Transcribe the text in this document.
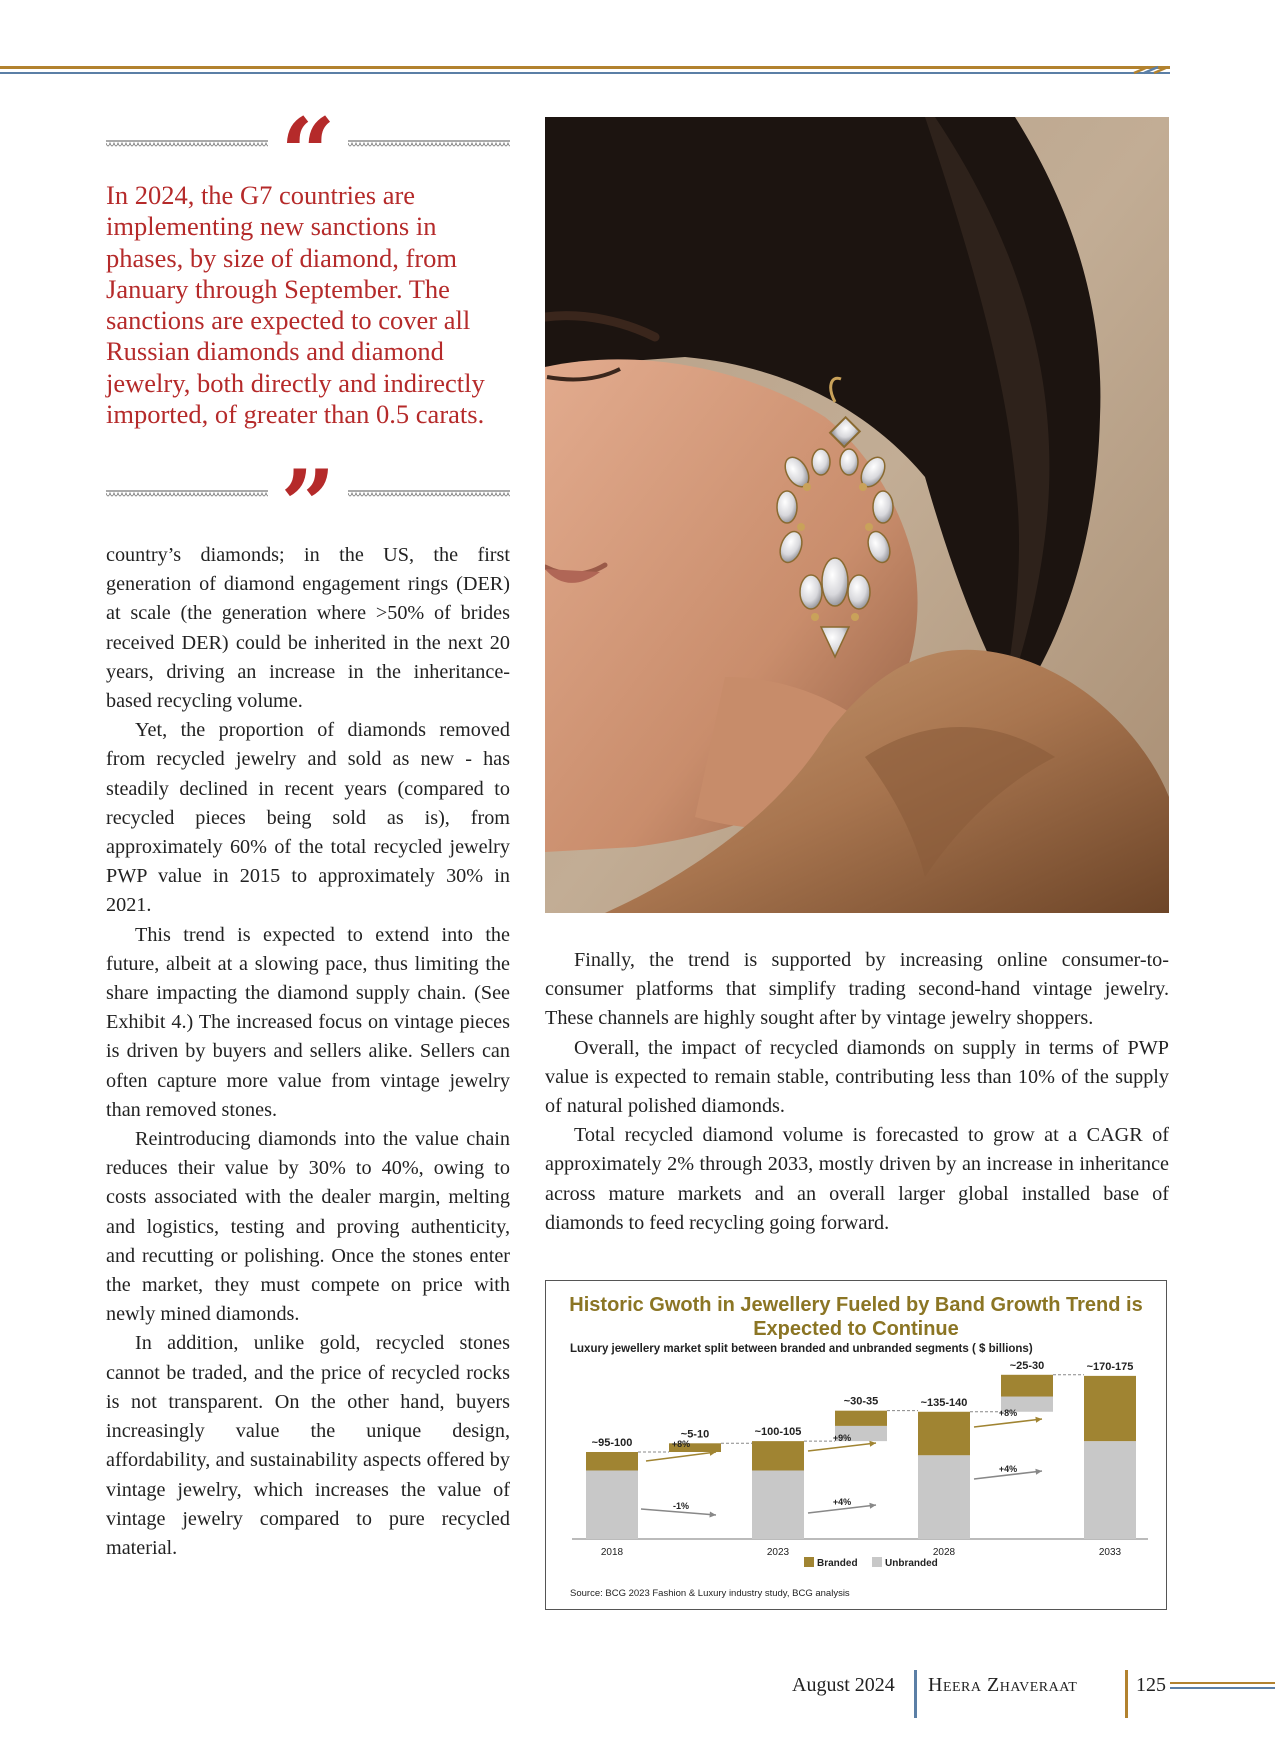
“

In 2024, the G7 countries are implementing new sanctions in phases, by size of diamond, from January through September. The sanctions are expected to cover all Russian diamonds and diamond jewelry, both directly and indirectly imported, of greater than 0.5 carats.

”

country’s diamonds; in the US, the first generation of diamond engagement rings (DER) at scale (the generation where >50% of brides received DER) could be inherited in the next 20 years, driving an increase in the inheritance-based recycling volume.

Yet, the proportion of diamonds removed from recycled jewelry and sold as new - has steadily declined in recent years (compared to recycled pieces being sold as is), from approximately 60% of the total recycled jewelry PWP value in 2015 to approximately 30% in 2021.

This trend is expected to extend into the future, albeit at a slowing pace, thus limiting the share impacting the diamond supply chain. (See Exhibit 4.) The increased focus on vintage pieces is driven by buyers and sellers alike. Sellers can often capture more value from vintage jewelry than removed stones.

Reintroducing diamonds into the value chain reduces their value by 30% to 40%, owing to costs associated with the dealer margin, melting and logistics, testing and proving authenticity, and recutting or polishing. Once the stones enter the market, they must compete on price with newly mined diamonds.

In addition, unlike gold, recycled stones cannot be traded, and the price of recycled rocks is not transparent. On the other hand, buyers increasingly value the unique design, affordability, and sustainability aspects offered by vintage jewelry, which increases the value of vintage jewelry compared to pure recycled material.

Finally, the trend is supported by increasing online consumer-to-consumer platforms that simplify trading second-hand vintage jewelry. These channels are highly sought after by vintage jewelry shoppers.

Overall, the impact of recycled diamonds on supply in terms of PWP value is expected to remain stable, contributing less than 10% of the supply of natural polished diamonds.

Total recycled diamond volume is forecasted to grow at a CAGR of approximately 2% through 2033, mostly driven by an increase in inheritance across mature markets and an overall larger global installed base of diamonds to feed recycling going forward.

Historic Gwoth in Jewellery Fueled by Band Growth Trend is Expected to Continue
Luxury jewellery market split between branded and unbranded segments ( $ billions)
~95-100
2018
~5-10	~100-105
2023
~30-35	~135-140
2028
~25-30	~170-175
2033
+8%
-1%
+9%
+4%
+8%
+4%
Branded	Unbranded
Source: BCG 2023 Fashion & Luxury industry study, BCG analysis
August 2024 Heera Zhaveraat	125
